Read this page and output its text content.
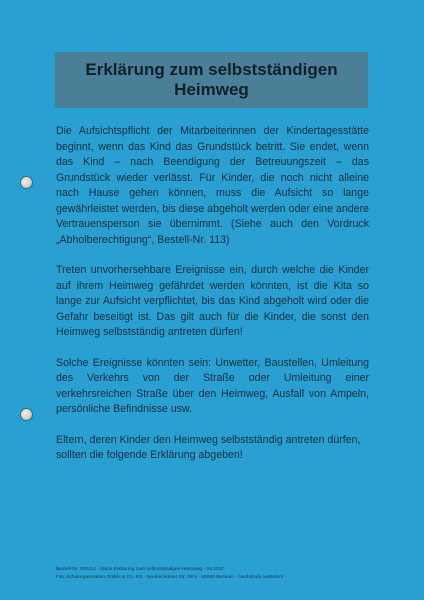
Erklärung zum selbstständigen
Heimweg

Die Aufsichtspflicht der Mitarbeiterinnen der Kindertagesstätte beginnt, wenn das Kind das Grundstück betritt. Sie endet, wenn das Kind – nach Beendigung der Betreuungszeit – das Grundstück wieder verlässt. Für Kinder, die noch nicht alleine nach Hause gehen können, muss die Aufsicht so lange gewährleistet werden, bis diese abgeholt werden oder eine andere Vertrauensperson sie übernimmt. (Siehe auch den Vordruck „Abholberechtigung“, Bestell-Nr. 113)

Treten unvorhersehbare Ereignisse ein, durch welche die Kinder auf ihrem Heimweg gefährdet werden könnten, ist die Kita so lange zur Aufsicht verpflichtet, bis das Kind abgeholt wird oder die Gefahr beseitigt ist. Das gilt auch für die Kinder, die sonst den Heimweg selbstständig antreten dürfen!

Solche Ereignisse könnten sein: Unwetter, Baustellen, Umleitung des Verkehrs von der Straße oder Umleitung einer verkehrsreichen Straße über den Heimweg, Ausfall von Ampeln, persönliche Befindnisse usw.

Eltern, deren Kinder den Heimweg selbstständig antreten dürfen, sollten die folgende Erklärung abgeben!

Bestell-Nr. 000114 · Block Erklärung zum selbstständigen Heimweg · 04.2017
F&L Schulorganisation GmbH & Co. KG · Neubeckumer Str. 38 a · 59269 Beckum · Nachdruck verboten!
